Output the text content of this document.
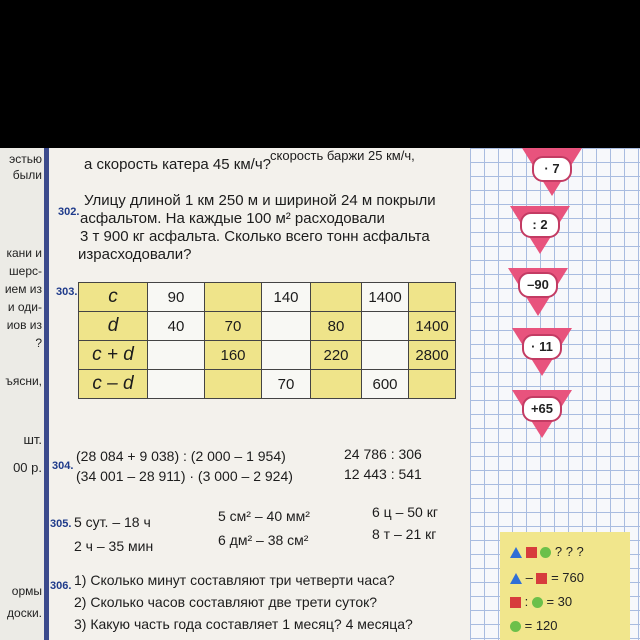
эстью
были
кани и
шерс-
ием из
и оди-
иов из
?
ъясни,
шт.
00 р.
ормы
доски.
а скорость катера 45 км/ч?
скорость баржи 25 км/ч,
302.
Улицу длиной 1 км 250 м и шириной 24 м покрыли
асфальтом. На каждые 100 м² расходовали
3 т 900 кг асфальта. Сколько всего тонн асфальта
израсходовали?
303. c	90		140		1400	
d	40	70		80		1400
c + d		160		220		2800
c – d			70		600	
304.
(28 084 + 9 038) : (2 000 – 1 954)
(34 001 – 28 911) · (3 000 – 2 924)
24 786 : 306
12 443 : 541
305. 5 сут. – 18 ч
2 ч – 35 мин
5 см² – 40 мм²
6 дм² – 38 см²
6 ц – 50 кг
8 т – 21 кг
306. 1) Сколько минут составляют три четверти часа?
2) Сколько часов составляют две трети суток?
3) Какую часть года составляет 1 месяц? 4 месяца?
· 7
: 2
–90
· 11
+65
? ? ?
–  = 760
:  = 30
= 120
